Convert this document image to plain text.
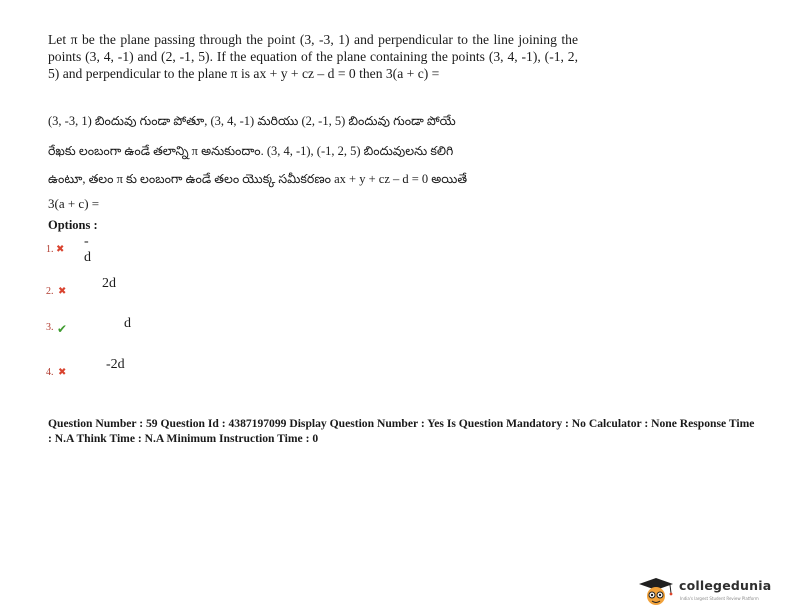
Let π be the plane passing through the point (3, -3, 1) and perpendicular to the line joining the points (3, 4, -1) and (2, -1, 5). If the equation of the plane containing the points (3, 4, -1), (-1, 2, 5) and perpendicular to the plane π is ax + y + cz – d = 0 then 3(a + c) =
(3, -3, 1) బిందువు గుండా పోతూ, (3, 4, -1) మరియు (2, -1, 5) బిందువు గుండా పోయే
రేఖకు లంబంగా ఉండే తలాన్ని π అనుకుందాం. (3, 4, -1), (-1, 2, 5) బిందువులను కలిగి
ఉంటూ, తలం π కు లంబంగా ఉండే తలం యొక్క సమీకరణం ax + y + cz – d = 0 అయితే
3(a + c) =
Options :
1. ✖
-d
2. ✖
2d
3. ✔	d
4. ✖
-2d
Question Number : 59 Question Id : 4387197099 Display Question Number : Yes Is Question Mandatory : No Calculator : None Response Time : N.A Think Time : N.A Minimum Instruction Time : 0
collegedunia
India's largest Student Review Platform
